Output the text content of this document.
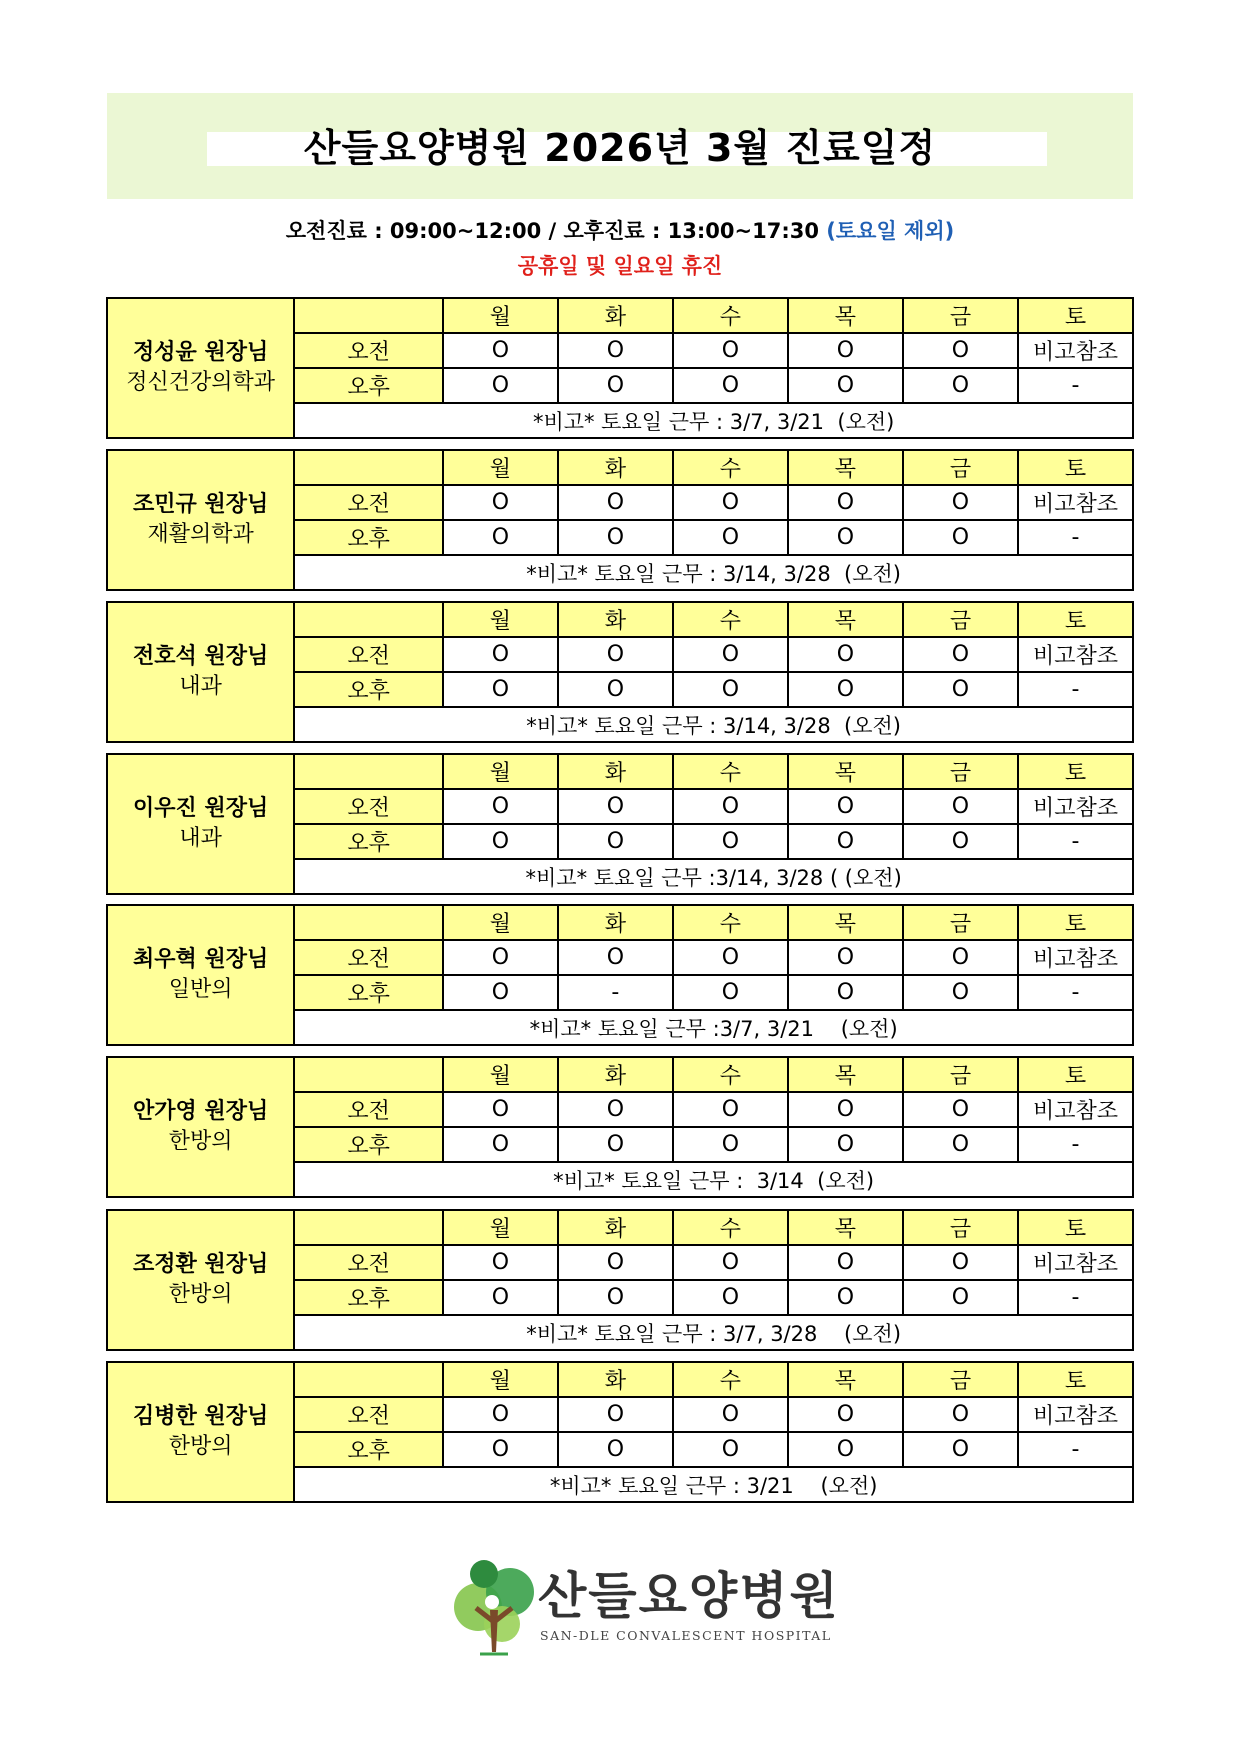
산들요양병원 2026년 3월 진료일정
오전진료 : 09:00~12:00 / 오후진료 : 13:00~17:30 (토요일 제외)
공휴일 및 일요일 휴진
정성윤 원장님
정신건강의학과		월	화	수	목	금	토
	오전	O	O	O	O	O	비고참조
	오후	O	O	O	O	O	-
	*비고* 토요일 근무 : 3/7, 3/21  (오전)						
조민규 원장님
재활의학과		월	화	수	목	금	토
	오전	O	O	O	O	O	비고참조
	오후	O	O	O	O	O	-
	*비고* 토요일 근무 : 3/14, 3/28  (오전)						
전호석 원장님
내과		월	화	수	목	금	토
	오전	O	O	O	O	O	비고참조
	오후	O	O	O	O	O	-
	*비고* 토요일 근무 : 3/14, 3/28  (오전)						
이우진 원장님
내과		월	화	수	목	금	토
	오전	O	O	O	O	O	비고참조
	오후	O	O	O	O	O	-
	*비고* 토요일 근무 :3/14, 3/28 ( (오전)						
최우혁 원장님
일반의		월	화	수	목	금	토
	오전	O	O	O	O	O	비고참조
	오후	O	-	O	O	O	-
	*비고* 토요일 근무 :3/7, 3/21    (오전)						
안가영 원장님
한방의		월	화	수	목	금	토
	오전	O	O	O	O	O	비고참조
	오후	O	O	O	O	O	-
	*비고* 토요일 근무 :  3/14  (오전)						
조정환 원장님
한방의		월	화	수	목	금	토
	오전	O	O	O	O	O	비고참조
	오후	O	O	O	O	O	-
	*비고* 토요일 근무 : 3/7, 3/28    (오전)						
김병한 원장님
한방의		월	화	수	목	금	토
	오전	O	O	O	O	O	비고참조
	오후	O	O	O	O	O	-
	*비고* 토요일 근무 : 3/21    (오전)						
산들요양병원
SAN-DLE CONVALESCENT HOSPITAL
